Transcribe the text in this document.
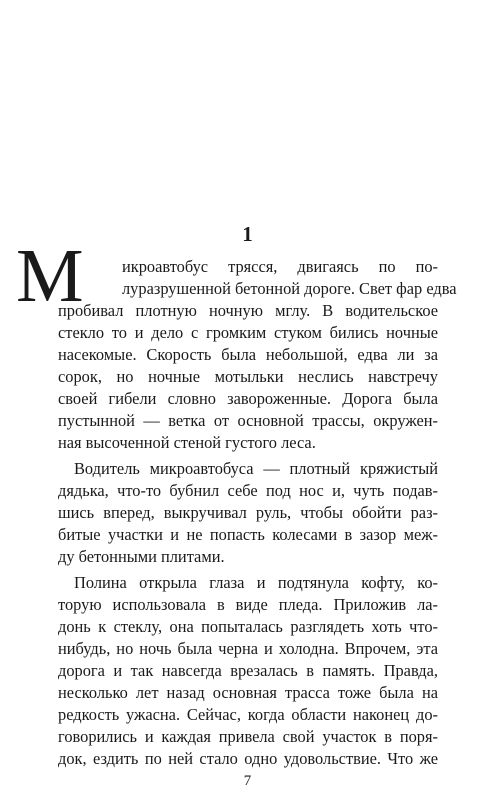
1
М икроавтобус трясся, двигаясь по по-
луразрушенной бетонной дороге. Свет фар едва
пробивал плотную ночную мглу. В водительское
стекло то и дело с громким стуком бились ночные
насекомые. Скорость была небольшой, едва ли за
сорок, но ночные мотыльки неслись навстречу
своей гибели словно завороженные. Дорога была
пустынной — ветка от основной трассы, окружен-
ная высоченной стеной густого леса.
Водитель микроавтобуса — плотный кряжистый
дядька, что-то бубнил себе под нос и, чуть подав-
шись вперед, выкручивал руль, чтобы обойти раз-
битые участки и не попасть колесами в зазор меж-
ду бетонными плитами.
Полина открыла глаза и подтянула кофту, ко-
торую использовала в виде пледа. Приложив ла-
донь к стеклу, она попыталась разглядеть хоть что-
нибудь, но ночь была черна и холодна. Впрочем, эта
дорога и так навсегда врезалась в память. Правда,
несколько лет назад основная трасса тоже была на
редкость ужасна. Сейчас, когда области наконец до-
говорились и каждая привела свой участок в поря-
док, ездить по ней стало одно удовольствие. Что же
7
